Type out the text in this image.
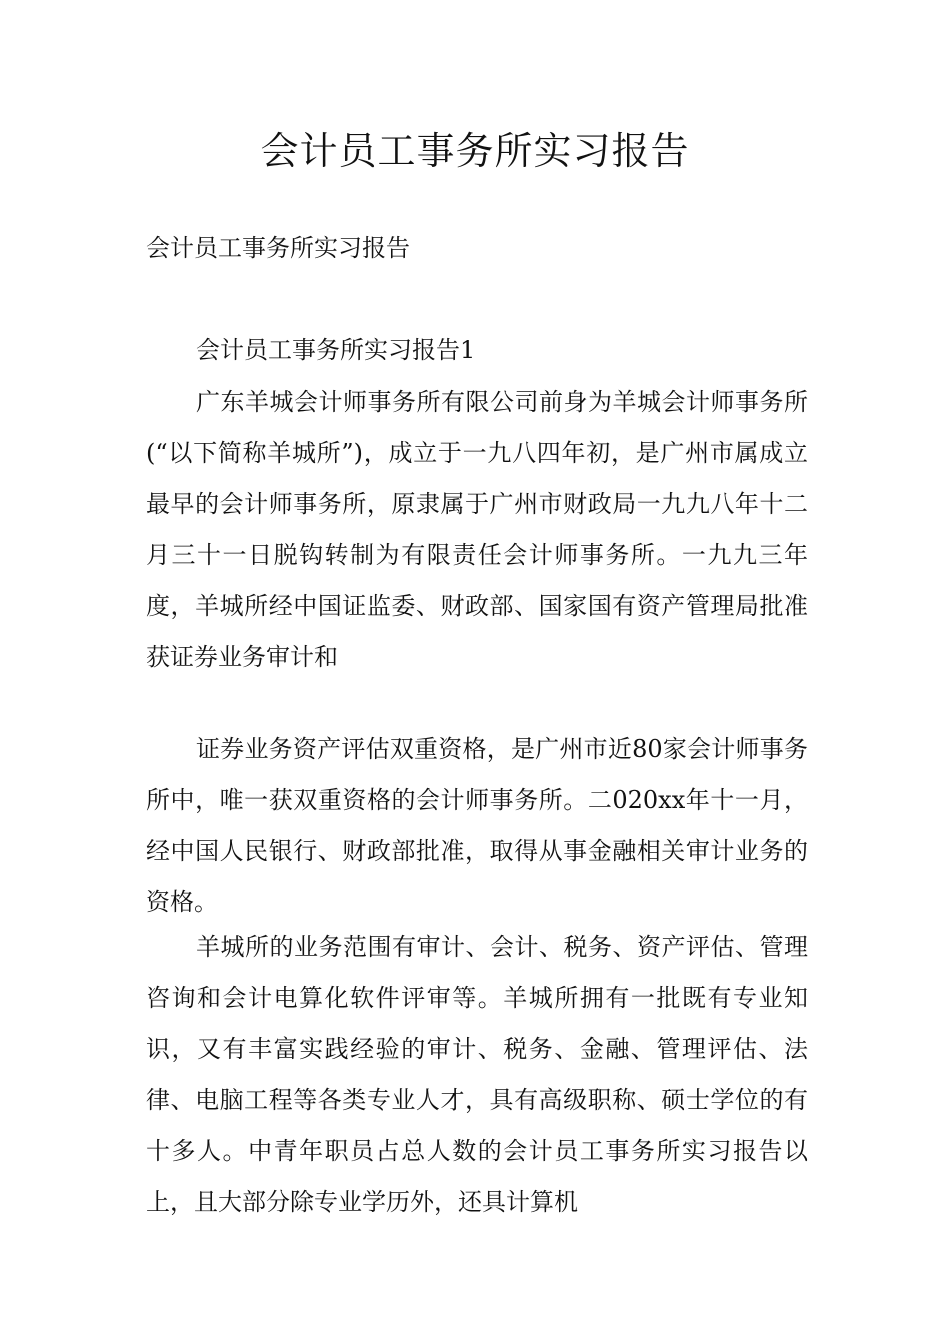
会计员工事务所实习报告

会计员工事务所实习报告

会计员工事务所实习报告1

广东羊城会计师事务所有限公司前身为羊城会计师事务所(“以下简称羊城所”)，成立于一九八四年初，是广州市属成立最早的会计师事务所，原隶属于广州市财政局一九九八年十二月三十一日脱钩转制为有限责任会计师事务所。一九九三年度，羊城所经中国证监委、财政部、国家国有资产管理局批准获证券业务审计和

证券业务资产评估双重资格，是广州市近80家会计师事务所中，唯一获双重资格的会计师事务所。二020xx年十一月，经中国人民银行、财政部批准，取得从事金融相关审计业务的资格。

羊城所的业务范围有审计、会计、税务、资产评估、管理咨询和会计电算化软件评审等。羊城所拥有一批既有专业知识，又有丰富实践经验的审计、税务、金融、管理评估、法律、电脑工程等各类专业人才，具有高级职称、硕士学位的有十多人。中青年职员占总人数的会计员工事务所实习报告以上，且大部分除专业学历外，还具计算机
